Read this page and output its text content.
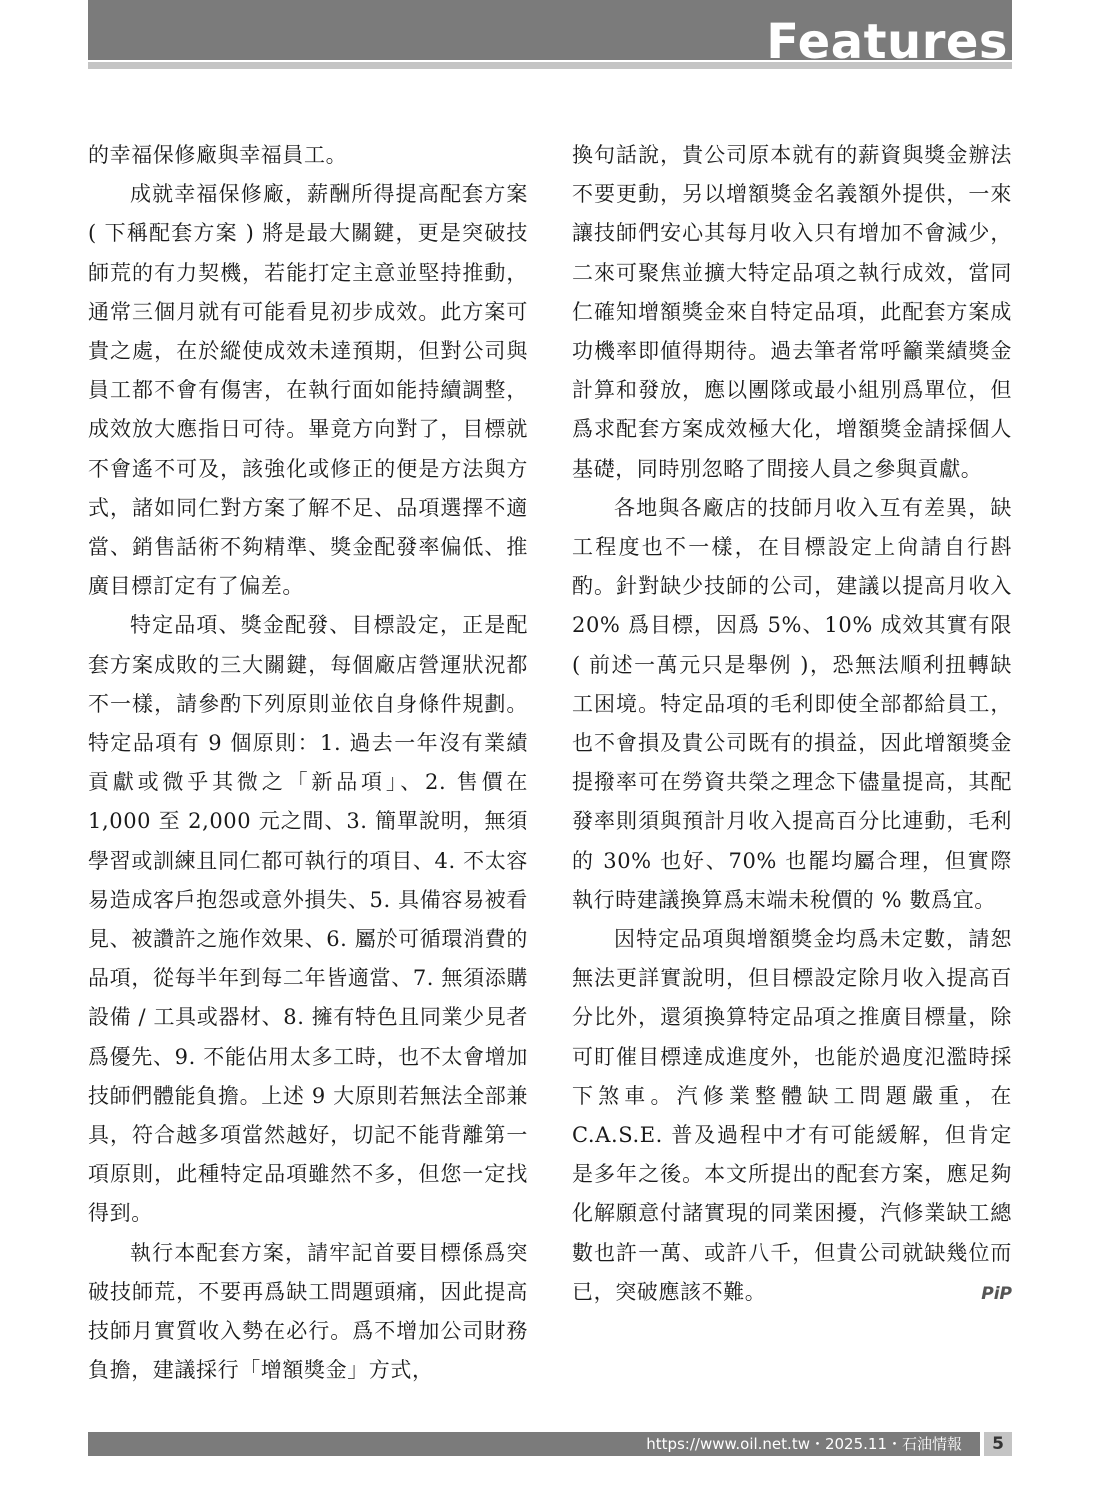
Features

的幸福保修廠與幸福員工。

成就幸福保修廠，薪酬所得提高配套方案 ( 下稱配套方案 ) 將是最大關鍵，更是突破技師荒的有力契機，若能打定主意並堅持推動，通常三個月就有可能看見初步成效。此方案可貴之處，在於縱使成效未達預期，但對公司與員工都不會有傷害，在執行面如能持續調整，成效放大應指日可待。畢竟方向對了，目標就不會遙不可及，該強化或修正的便是方法與方式，諸如同仁對方案了解不足、品項選擇不適當、銷售話術不夠精準、獎金配發率偏低、推廣目標訂定有了偏差。

特定品項、獎金配發、目標設定，正是配套方案成敗的三大關鍵，每個廠店營運狀況都不一樣，請參酌下列原則並依自身條件規劃。特定品項有 9 個原則：1. 過去一年沒有業績貢獻或微乎其微之「新品項」、2. 售價在 1,000 至 2,000 元之間、3. 簡單說明，無須學習或訓練且同仁都可執行的項目、4. 不太容易造成客戶抱怨或意外損失、5. 具備容易被看見、被讚許之施作效果、6. 屬於可循環消費的品項，從每半年到每二年皆適當、7. 無須添購設備 / 工具或器材、8. 擁有特色且同業少見者爲優先、9. 不能佔用太多工時，也不太會增加技師們體能負擔。上述 9 大原則若無法全部兼具，符合越多項當然越好，切記不能背離第一項原則，此種特定品項雖然不多，但您一定找得到。

執行本配套方案，請牢記首要目標係爲突破技師荒，不要再爲缺工問題頭痛，因此提高技師月實質收入勢在必行。爲不增加公司財務負擔，建議採行「增額獎金」方式，

換句話說，貴公司原本就有的薪資與獎金辦法不要更動，另以增額獎金名義額外提供，一來讓技師們安心其每月收入只有增加不會減少，二來可聚焦並擴大特定品項之執行成效，當同仁確知增額獎金來自特定品項，此配套方案成功機率即値得期待。過去筆者常呼籲業績獎金計算和發放，應以團隊或最小組別爲單位，但爲求配套方案成效極大化，增額獎金請採個人基礎，同時別忽略了間接人員之參與貢獻。

各地與各廠店的技師月收入互有差異，缺工程度也不一樣，在目標設定上尙請自行斟酌。針對缺少技師的公司，建議以提高月收入 20% 爲目標，因爲 5%、10% 成效其實有限 ( 前述一萬元只是舉例 )，恐無法順利扭轉缺工困境。特定品項的毛利即使全部都給員工，也不會損及貴公司既有的損益，因此增額獎金提撥率可在勞資共榮之理念下儘量提高，其配發率則須與預計月收入提高百分比連動，毛利的 30% 也好、70% 也罷均屬合理，但實際執行時建議換算爲末端未稅價的 % 數爲宜。

因特定品項與增額獎金均爲未定數，請恕無法更詳實說明，但目標設定除月收入提高百分比外，還須換算特定品項之推廣目標量，除可盯催目標達成進度外，也能於過度氾濫時採下煞車。汽修業整體缺工問題嚴重，在 C.A.S.E. 普及過程中才有可能緩解，但肯定是多年之後。本文所提出的配套方案，應足夠化解願意付諸實現的同業困擾，汽修業缺工總數也許一萬、或許八千，但貴公司就缺幾位而已，突破應該不難。	PiP

https://www.oil.net.tw・2025.11・石油情報	5
